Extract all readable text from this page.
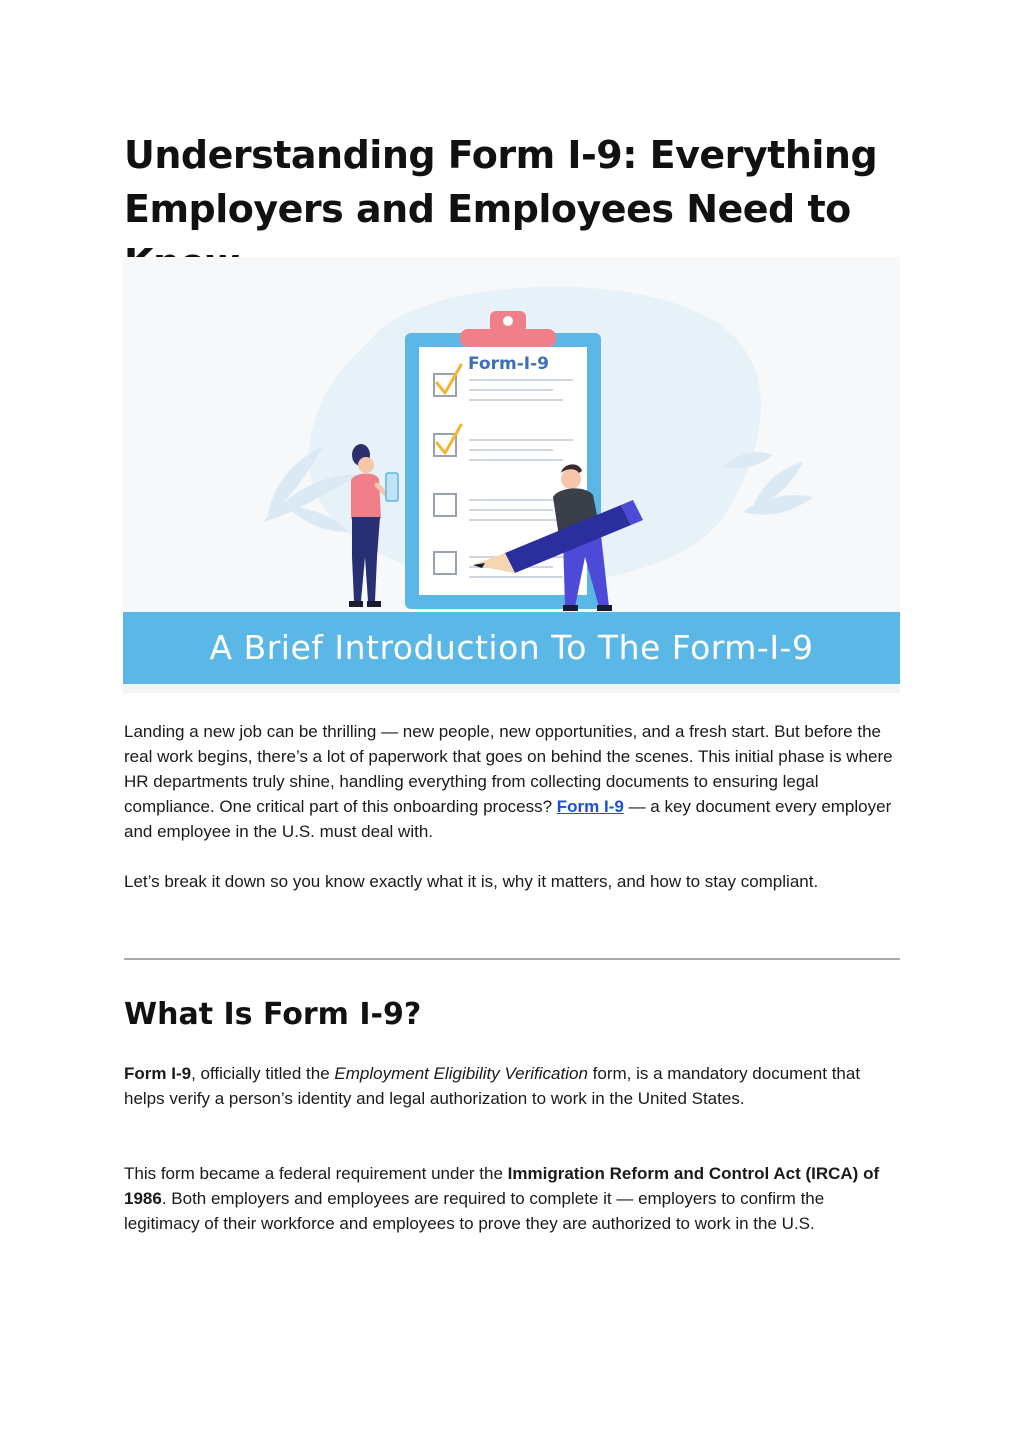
Understanding Form I-9: Everything Employers and Employees Need to
Form-I-9
A Brief Introduction To The Form-I-9

Landing a new job can be thrilling — new people, new opportunities, and a fresh start. But before the real work begins, there’s a lot of paperwork that goes on behind the scenes. This initial phase is where HR departments truly shine, handling everything from collecting documents to ensuring legal compliance. One critical part of this onboarding process? Form I-9 — a key document every employer and employee in the U.S. must deal with.

Let’s break it down so you know exactly what it is, why it matters, and how to stay compliant.

What Is Form I-9?

Form I-9, officially titled the Employment Eligibility Verification form, is a mandatory document that helps verify a person’s identity and legal authorization to work in the United States.

This form became a federal requirement under the Immigration Reform and Control Act (IRCA) of 1986. Both employers and employees are required to complete it — employers to confirm the legitimacy of their workforce and employees to prove they are authorized to work in the U.S.
